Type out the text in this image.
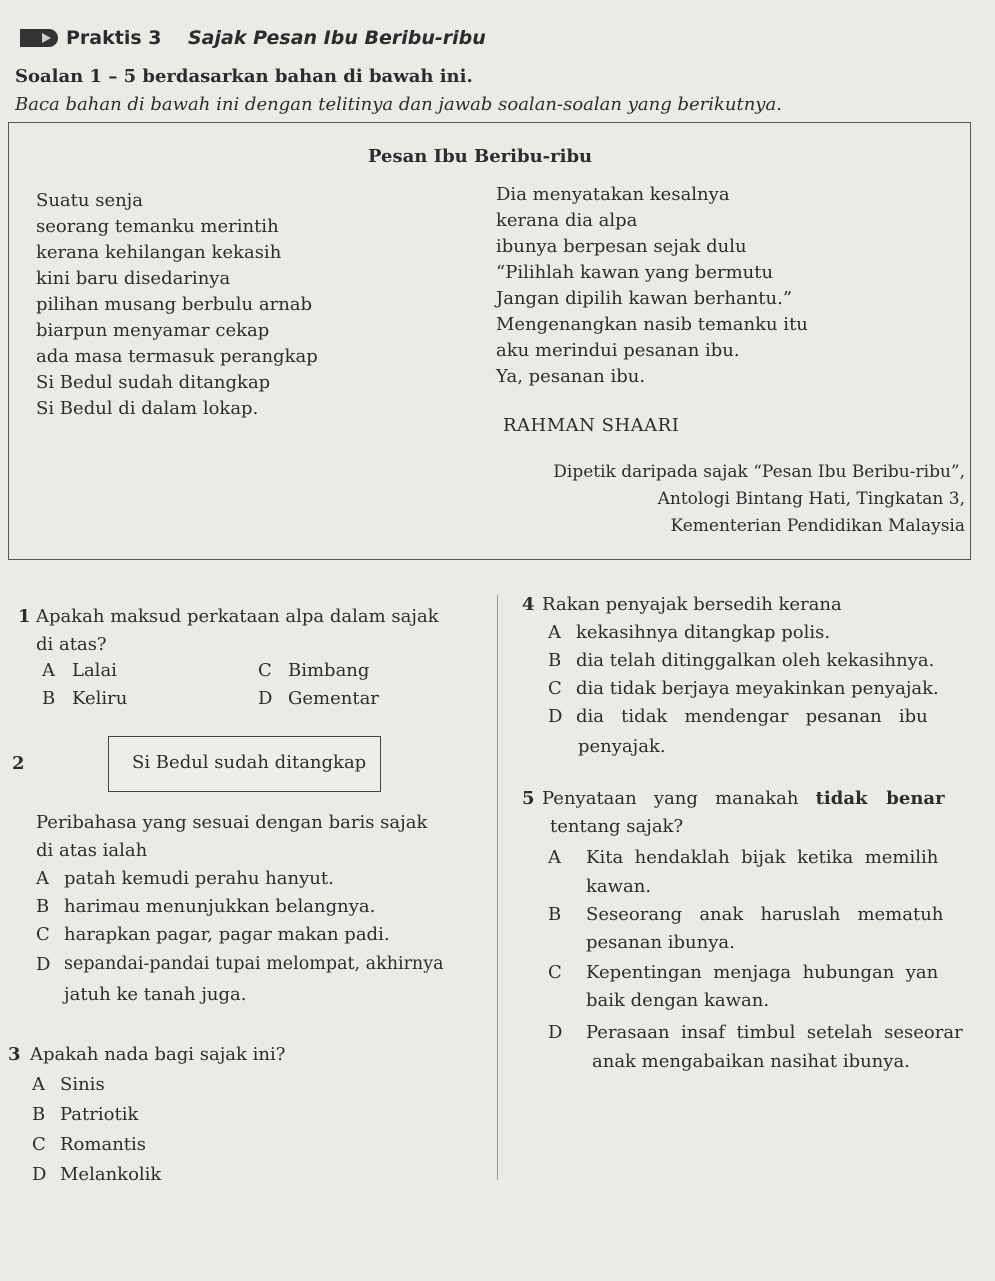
Praktis 3 Sajak Pesan Ibu Beribu-ribu
Soalan 1 – 5 berdasarkan bahan di bawah ini.
Baca bahan di bawah ini dengan telitinya dan jawab soalan-soalan yang berikutnya.
Pesan Ibu Beribu-ribu
Suatu senja
seorang temanku merintih
kerana kehilangan kekasih
kini baru disedarinya
pilihan musang berbulu arnab
biarpun menyamar cekap
ada masa termasuk perangkap
Si Bedul sudah ditangkap
Si Bedul di dalam lokap.
Dia menyatakan kesalnya
kerana dia alpa
ibunya berpesan sejak dulu
“Pilihlah kawan yang bermutu
Jangan dipilih kawan berhantu.”
Mengenangkan nasib temanku itu
aku merindui pesanan ibu.
Ya, pesanan ibu.
RAHMAN SHAARI
Dipetik daripada sajak “Pesan Ibu Beribu-ribu”,
Antologi Bintang Hati, Tingkatan 3,
Kementerian Pendidikan Malaysia
1 Apakah maksud perkataan alpa dalam sajak
di atas?
A Lalai	C Bimbang
B Keliru	D Gementar
2	Si Bedul sudah ditangkap
Peribahasa yang sesuai dengan baris sajak
di atas ialah
A patah kemudi perahu hanyut.
B harimau menunjukkan belangnya.
C harapkan pagar, pagar makan padi.
D sepandai-pandai tupai melompat, akhirnya
jatuh ke tanah juga.
3 Apakah nada bagi sajak ini?
A Sinis
B Patriotik
C Romantis
D Melankolik
4 Rakan penyajak bersedih kerana
A kekasihnya ditangkap polis.
B dia telah ditinggalkan oleh kekasihnya.
C dia tidak berjaya meyakinkan penyajak.
D dia   tidak   mendengar   pesanan   ibu
penyajak.
5 Penyataan   yang   manakah   tidak   benar
tentang sajak?
A Kita  hendaklah  bijak  ketika  memilih
kawan.
B Seseorang   anak   haruslah   mematuh
pesanan ibunya.
C Kepentingan  menjaga  hubungan  yan
baik dengan kawan.
D Perasaan  insaf  timbul  setelah  seseorar
anak mengabaikan nasihat ibunya.
